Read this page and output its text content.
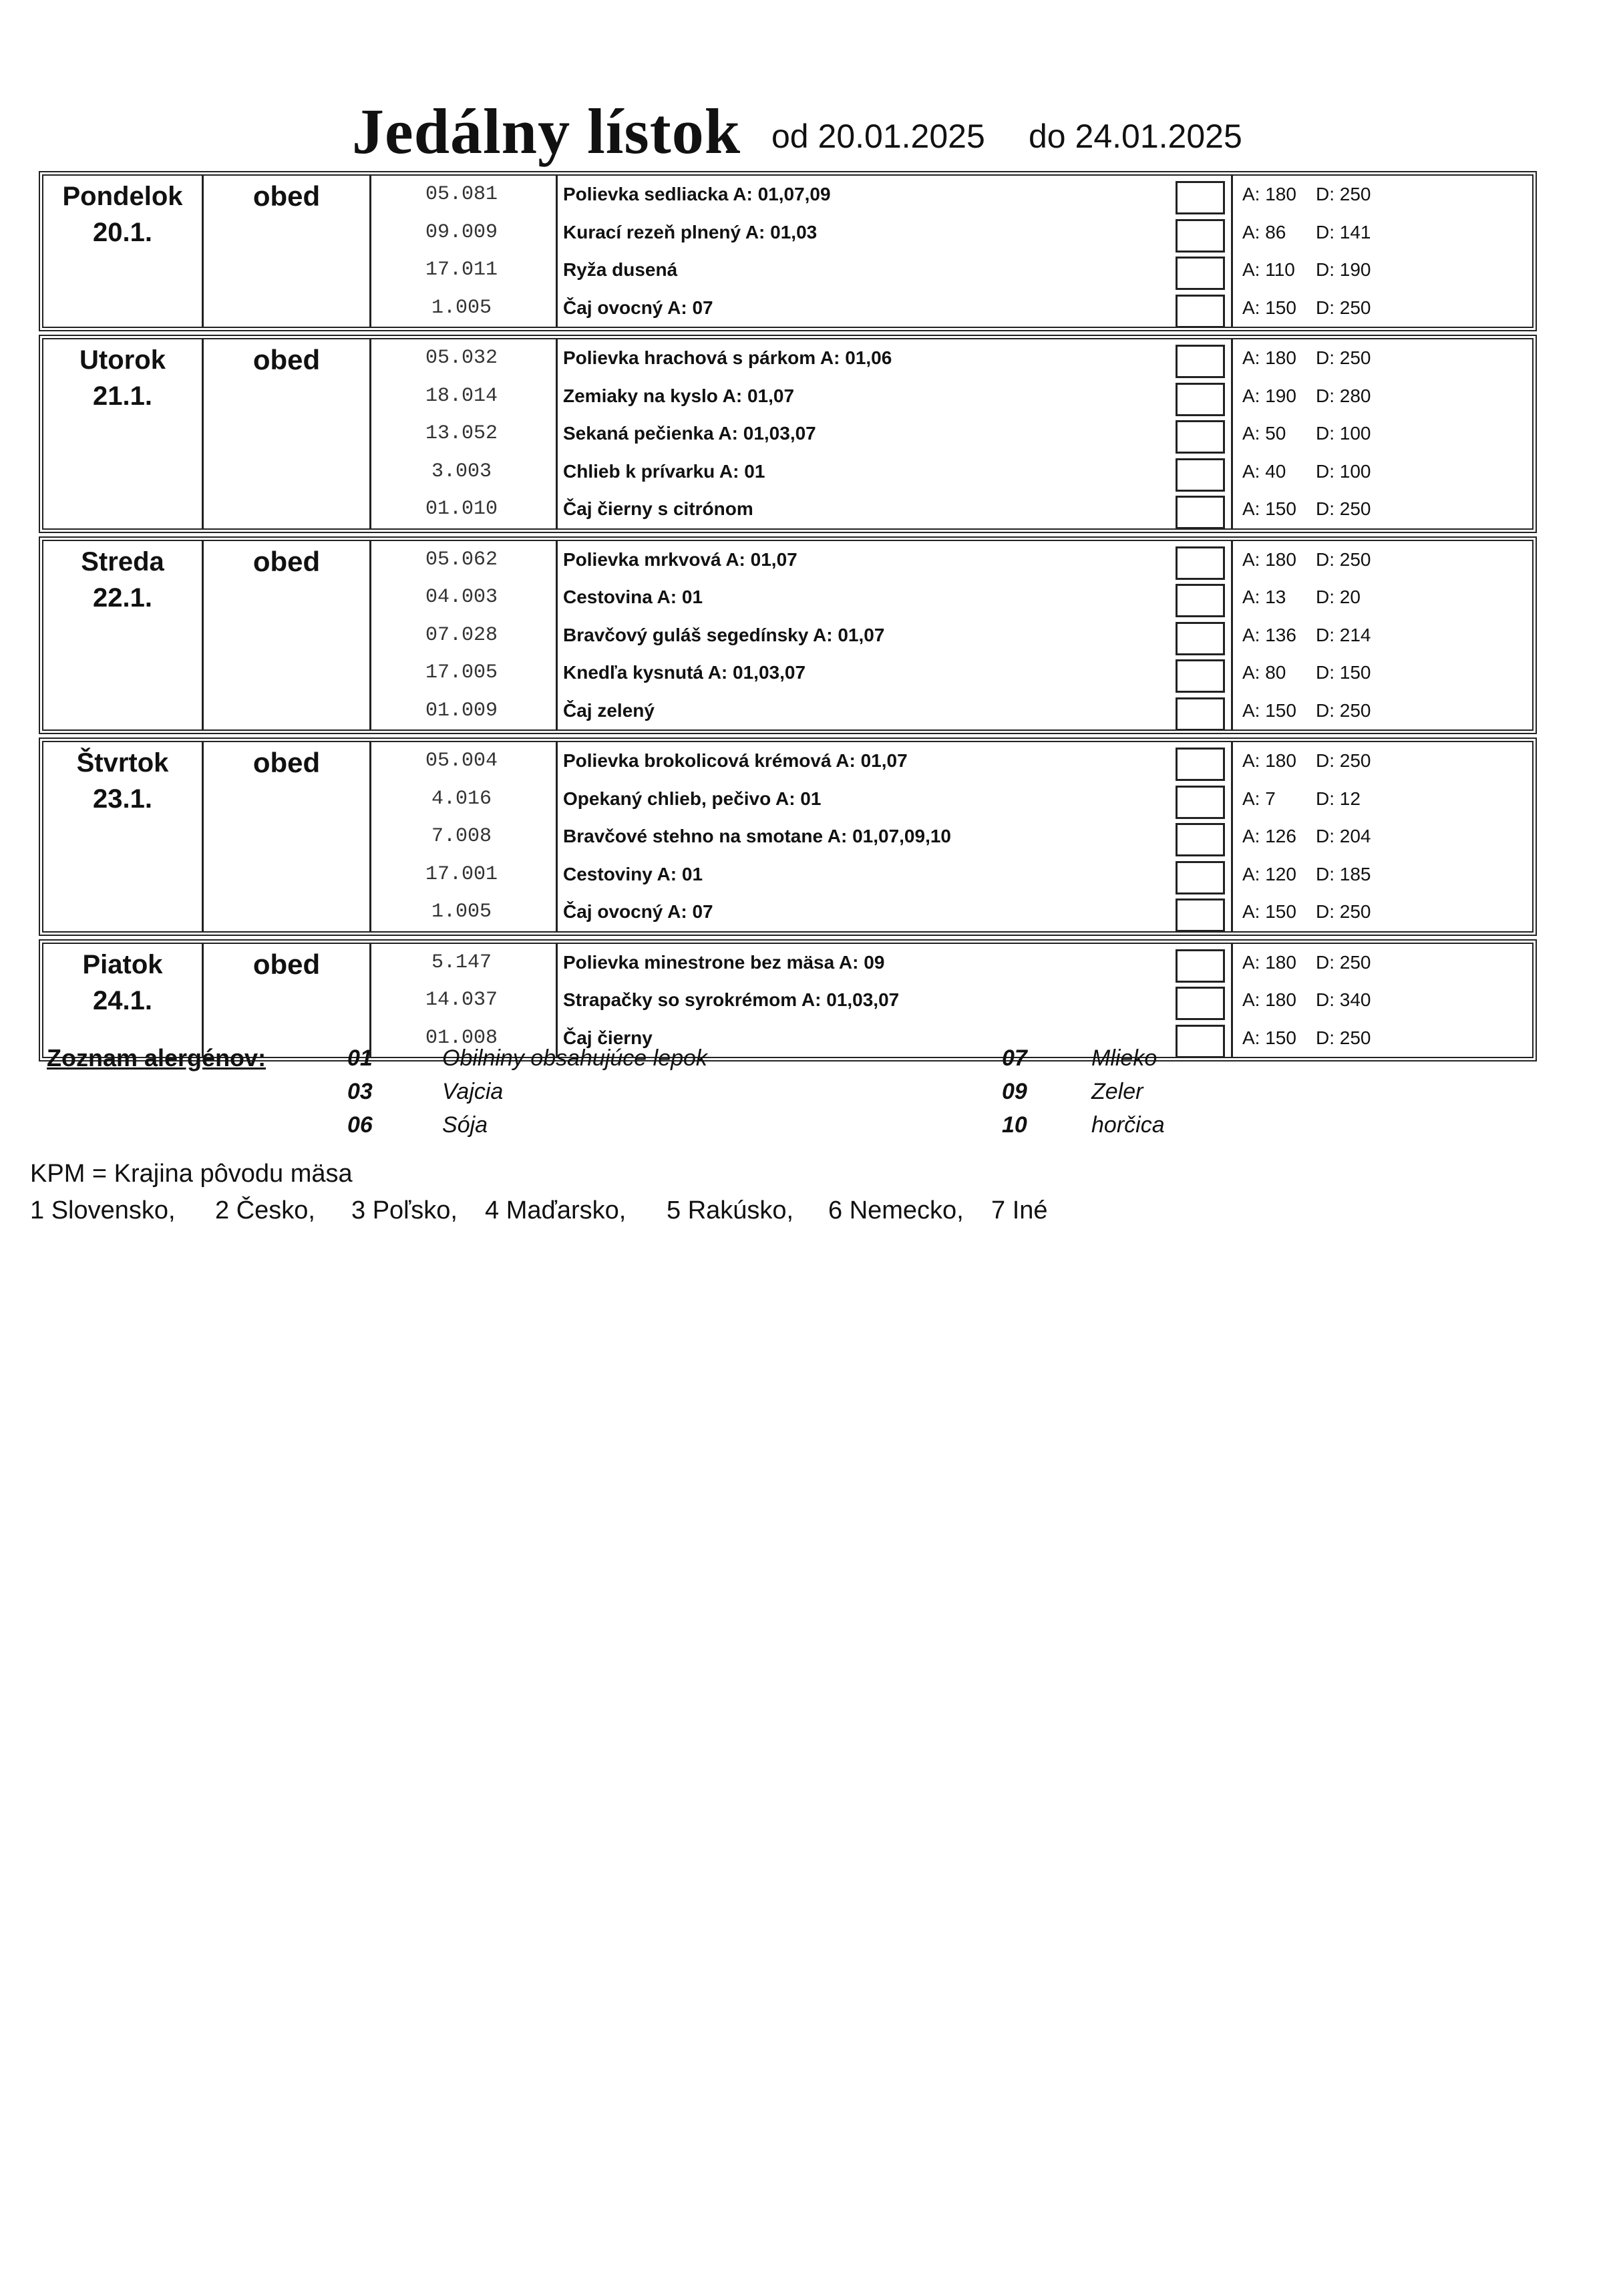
Jedálny lístok od 20.01.2025 do 24.01.2025
Pondelok
20.1.
obed	05.081	Polievka sedliacka A: 01,07,09	A: 180 D: 250
09.009	Kurací rezeň plnený A: 01,03	A: 86 D: 141
17.011	Ryža dusená	A: 110 D: 190
1.005	Čaj ovocný A: 07	A: 150 D: 250
Utorok
21.1.
obed	05.032	Polievka hrachová s párkom A: 01,06	A: 180 D: 250
18.014	Zemiaky na kyslo A: 01,07	A: 190 D: 280
13.052	Sekaná pečienka A: 01,03,07	A: 50 D: 100
3.003	Chlieb k prívarku A: 01	A: 40 D: 100
01.010	Čaj čierny s citrónom	A: 150 D: 250
Streda
22.1.
obed	05.062	Polievka mrkvová A: 01,07	A: 180 D: 250
04.003	Cestovina A: 01	A: 13 D: 20
07.028	Bravčový guláš segedínsky A: 01,07	A: 136 D: 214
17.005	Knedľa kysnutá A: 01,03,07	A: 80 D: 150
01.009	Čaj zelený	A: 150 D: 250
Štvrtok
23.1.
obed	05.004	Polievka brokolicová krémová A: 01,07	A: 180 D: 250
4.016	Opekaný chlieb, pečivo A: 01	A: 7 D: 12
7.008	Bravčové stehno na smotane A: 01,07,09,10	A: 126 D: 204
17.001	Cestoviny A: 01	A: 120 D: 185
1.005	Čaj ovocný A: 07	A: 150 D: 250
Piatok
24.1.
obed	5.147	Polievka minestrone bez mäsa A: 09	A: 180 D: 250
14.037	Strapačky so syrokrémom A: 01,03,07	A: 180 D: 340
01.008	Čaj čierny	A: 150 D: 250
Zoznam alergénov:	01	Obilniny obsahujúce lepok	07	Mlieko
03	Vajcia	09	Zeler
06	Sója	10	horčica
KPM = Krajina pôvodu mäsa
1 Slovensko, 2 Česko, 3 Poľsko, 4 Maďarsko, 5 Rakúsko, 6 Nemecko, 7 Iné
